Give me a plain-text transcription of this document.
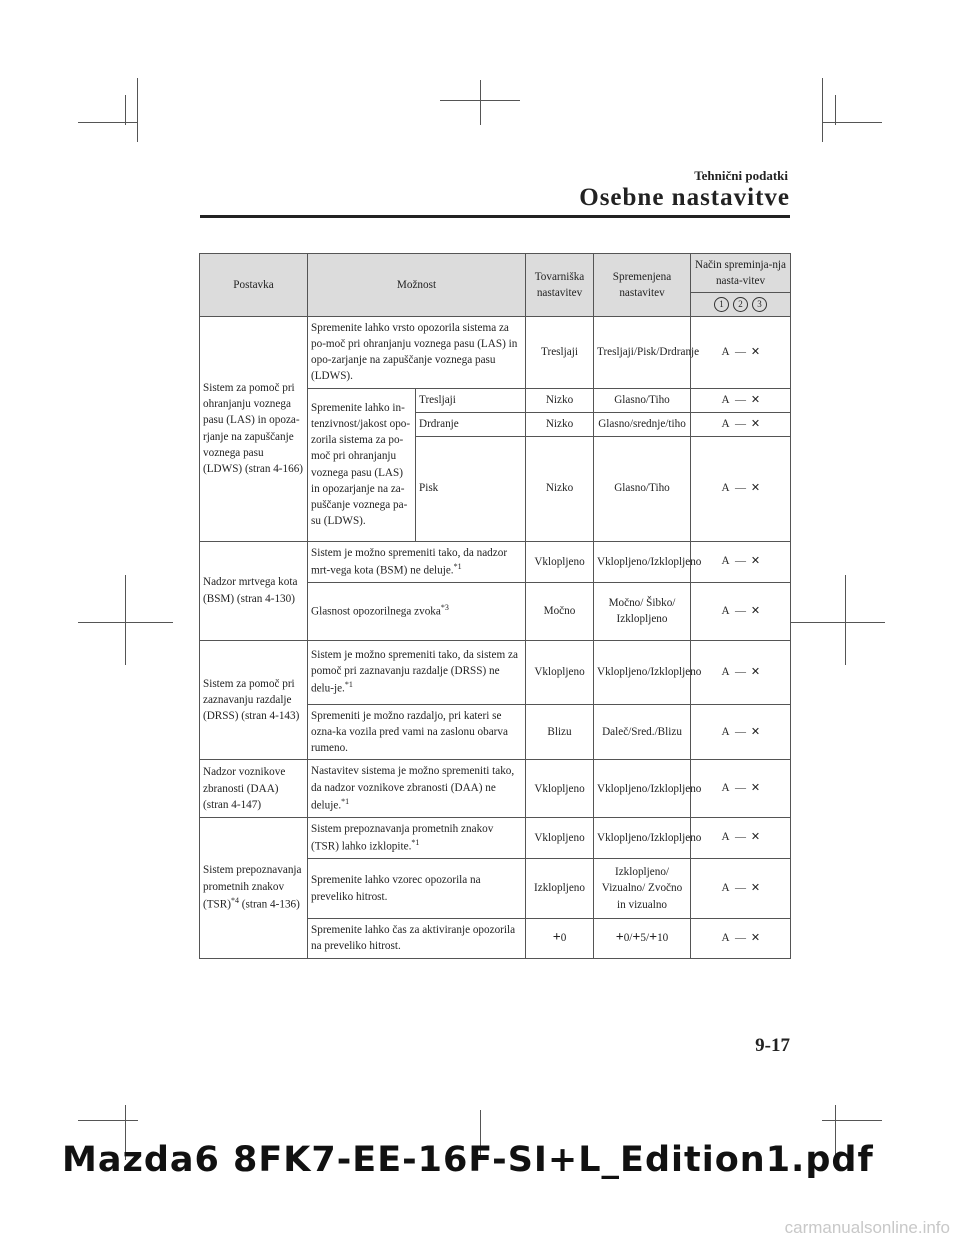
Tehnični podatki
Osebne nastavitve
Postavka	Možnost		Tovarniška nastavitev	Spremenjena nastavitev	Način spreminja-nja nasta-vitev
					1 2 3
Sistem za pomoč pri ohranjanju voznega pasu (LAS) in opoza-rjanje na zapuščanje voznega pasu (LDWS) (stran 4-166)	Spremenite lahko vrsto opozorila sistema za po-moč pri ohranjanju voznega pasu (LAS) in opo-zarjanje na zapuščanje voznega pasu (LDWS).		Tresljaji	Tresljaji/Pisk/Drdranje	A — ✕
	Spremenite lahko in-tenzivnost/jakost opo-zorila sistema za po-moč pri ohranjanju voznega pasu (LAS) in opozarjanje na za-puščanje voznega pa-su (LDWS).	Tresljaji	Nizko	Glasno/Tiho	A — ✕
		Drdranje	Nizko	Glasno/srednje/tiho	A — ✕
		Pisk	Nizko	Glasno/Tiho	A — ✕
Nadzor mrtvega kota (BSM) (stran 4-130)	Sistem je možno spremeniti tako, da nadzor mrt-vega kota (BSM) ne deluje.$^{*1}$		Vklopljeno	Vklopljeno/Izklopljeno	A — ✕
	Glasnost opozorilnega zvoka$^{*3}$		Močno	Močno/ Šibko/ Izklopljeno	A — ✕
Sistem za pomoč pri zaznavanju razdalje (DRSS) (stran 4-143)	Sistem je možno spremeniti tako, da sistem za pomoč pri zaznavanju razdalje (DRSS) ne delu-je.$^{*1}$		Vklopljeno	Vklopljeno/Izklopljeno	A — ✕
	Spremeniti je možno razdaljo, pri kateri se ozna-ka vozila pred vami na zaslonu obarva rumeno.		Blizu	Daleč/Sred./Blizu	A — ✕
Nadzor voznikove zbranosti (DAA) (stran 4-147)	Nastavitev sistema je možno spremeniti tako, da nadzor voznikove zbranosti (DAA) ne deluje.$^{*1}$		Vklopljeno	Vklopljeno/Izklopljeno	A — ✕
Sistem prepoznavanja prometnih znakov (TSR)$^{*4}$ (stran 4-136)	Sistem prepoznavanja prometnih znakov (TSR) lahko izklopite.$^{*1}$		Vklopljeno	Vklopljeno/Izklopljeno	A — ✕
	Spremenite lahko vzorec opozorila na preveliko hitrost.		Izklopljeno	Izklopljeno/ Vizualno/ Zvočno in vizualno	A — ✕
	Spremenite lahko čas za aktiviranje opozorila na preveliko hitrost.		+0	+0/+5/+10	A — ✕
9-17
Mazda6 8FK7-EE-16F-SI+L_Edition1.pdf
carmanualsonline.info
